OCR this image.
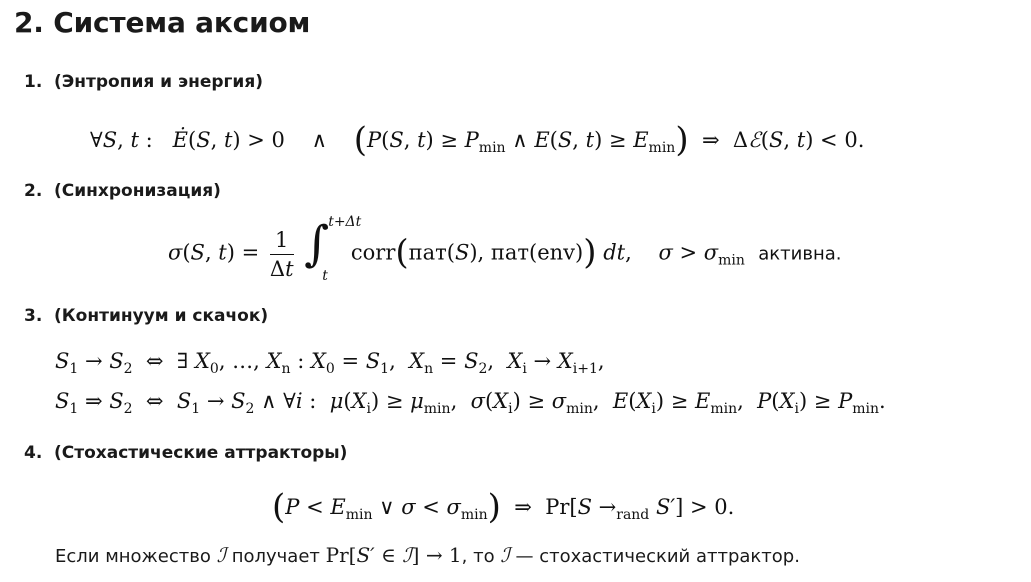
2. Система аксиом
1. (Энтропия и энергия)
∀S, t :   Ė(S, t) > 0    ∧    (P(S, $t) \ge P_{min}$ ∧ E(S, $t) \ge E_{min}$)  ⇒  Δℰ(S, t) < 0.
2. (Синхронизация)
σ(S, $t) = \frac{1}{\Delta t}$
∫
t+Δt
t
corr(пат(S), пат(env)) dt,    $\sigma > \sigma_{min}$ активна.
3. (Континуум и скачок)
$S_1 \to S_2$  ⇔  ∃ $X_0$, …, $X_n$ : $X_0 = S_1$,  $X_n = S_2$,  $X_i \to X_{i+1}$,
$S_1$ ⇒ $S_2$  ⇔  $S_1 \to S_2$ ∧ ∀i :  $\mu(X_i) \ge \mu_{min}$,  $\sigma(X_i) \ge \sigma_{min}$,  $E(X_i) \ge E_{min}$,  $P(X_i) \ge P_{min}$.
4. (Стохастические аттракторы)
($P < E_{min}$ ∨ $\sigma < \sigma_{min}$)  ⇒  $Pr[S \to_{rand}$ S′] > 0.
Если множество ℐ получает Pr[S′ ∈ ℐ] → 1, то ℐ — стохастический аттрактор.
